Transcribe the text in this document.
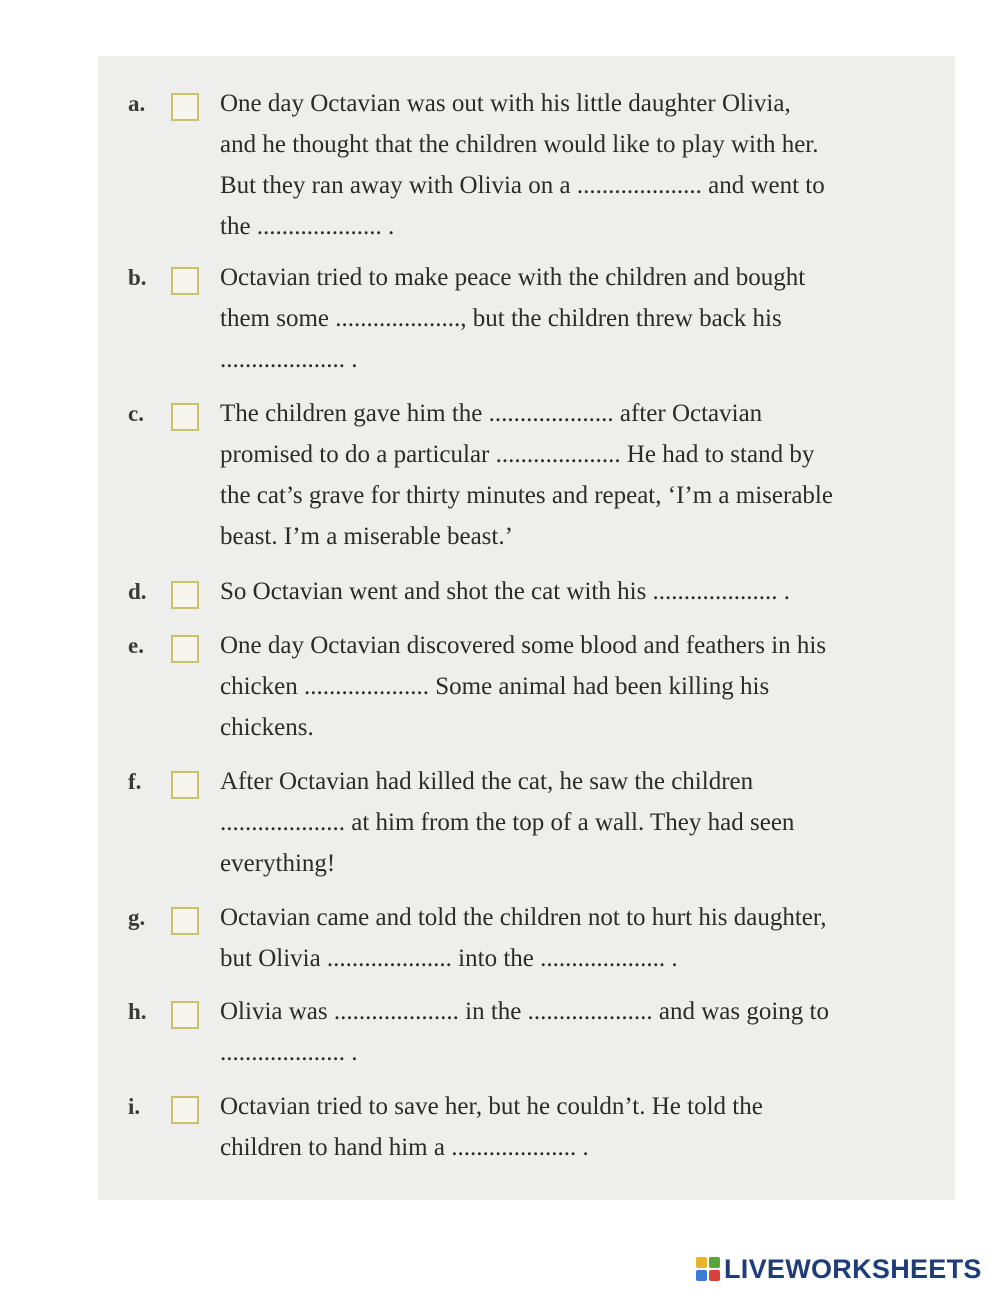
a.	One day Octavian was out with his little daughter Olivia,
and he thought that the children would like to play with her.
But they ran away with Olivia on a .................... and went to
the .................... .
b.	Octavian tried to make peace with the children and bought
them some ...................., but the children threw back his
.................... .
c.	The children gave him the .................... after Octavian
promised to do a particular .................... He had to stand by
the cat’s grave for thirty minutes and repeat, ‘I’m a miserable
beast. I’m a miserable beast.’
d.	So Octavian went and shot the cat with his .................... .
e.	One day Octavian discovered some blood and feathers in his
chicken .................... Some animal had been killing his
chickens.
f.	After Octavian had killed the cat, he saw the children
.................... at him from the top of a wall. They had seen
everything!
g.	Octavian came and told the children not to hurt his daughter,
but Olivia .................... into the .................... .
h.	Olivia was .................... in the .................... and was going to
.................... .
i.	Octavian tried to save her, but he couldn’t. He told the
children to hand him a .................... .
LIVEWORKSHEETS
